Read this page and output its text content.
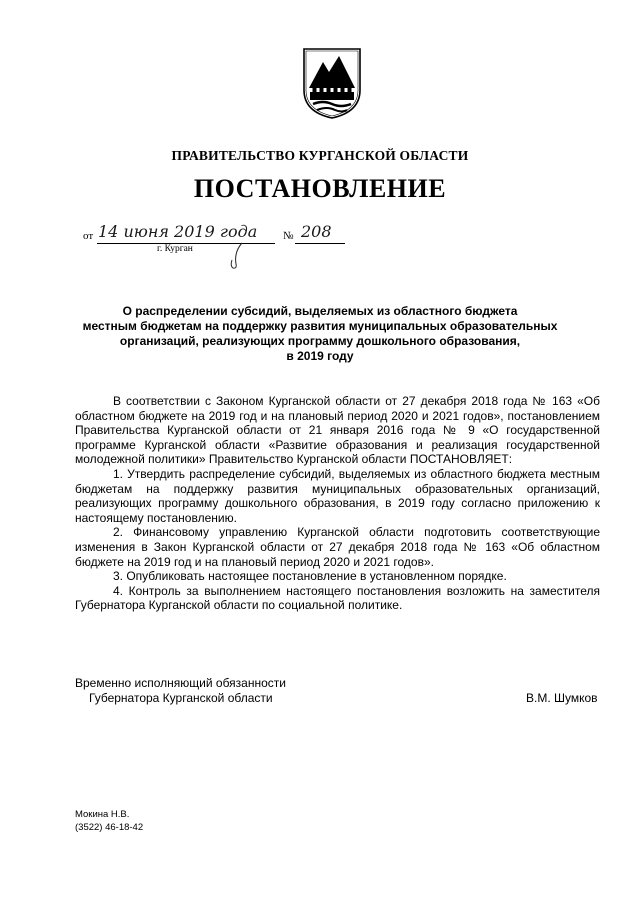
ПРАВИТЕЛЬСТВО КУРГАНСКОЙ ОБЛАСТИ
ПОСТАНОВЛЕНИЕ
от 14 июня 2019 года № 208
г. Курган
О распределении субсидий, выделяемых из областного бюджета
местным бюджетам на поддержку развития муниципальных образовательных
организаций, реализующих программу дошкольного образования,
в 2019 году

В соответствии с Законом Курганской области от 27 декабря 2018 года № 163 «Об областном бюджете на 2019 год и на плановый период 2020 и 2021 годов», постановлением Правительства Курганской области от 21 января 2016 года № 9 «О государственной программе Курганской области «Развитие образования и реализация государственной молодежной политики» Правительство Курганской области ПОСТАНОВЛЯЕТ:

1. Утвердить распределение субсидий, выделяемых из областного бюджета местным бюджетам на поддержку развития муниципальных образовательных организаций, реализующих программу дошкольного образования, в 2019 году согласно приложению к настоящему постановлению.

2. Финансовому управлению Курганской области подготовить соответствующие изменения в Закон Курганской области от 27 декабря 2018 года № 163 «Об областном бюджете на 2019 год и на плановый период 2020 и 2021 годов».

3. Опубликовать настоящее постановление в установленном порядке.

4. Контроль за выполнением настоящего постановления возложить на заместителя Губернатора Курганской области по социальной политике.

Временно исполняющий обязанности
Губернатора Курганской области	В.М. Шумков
Мокина Н.В.
(3522) 46-18-42
